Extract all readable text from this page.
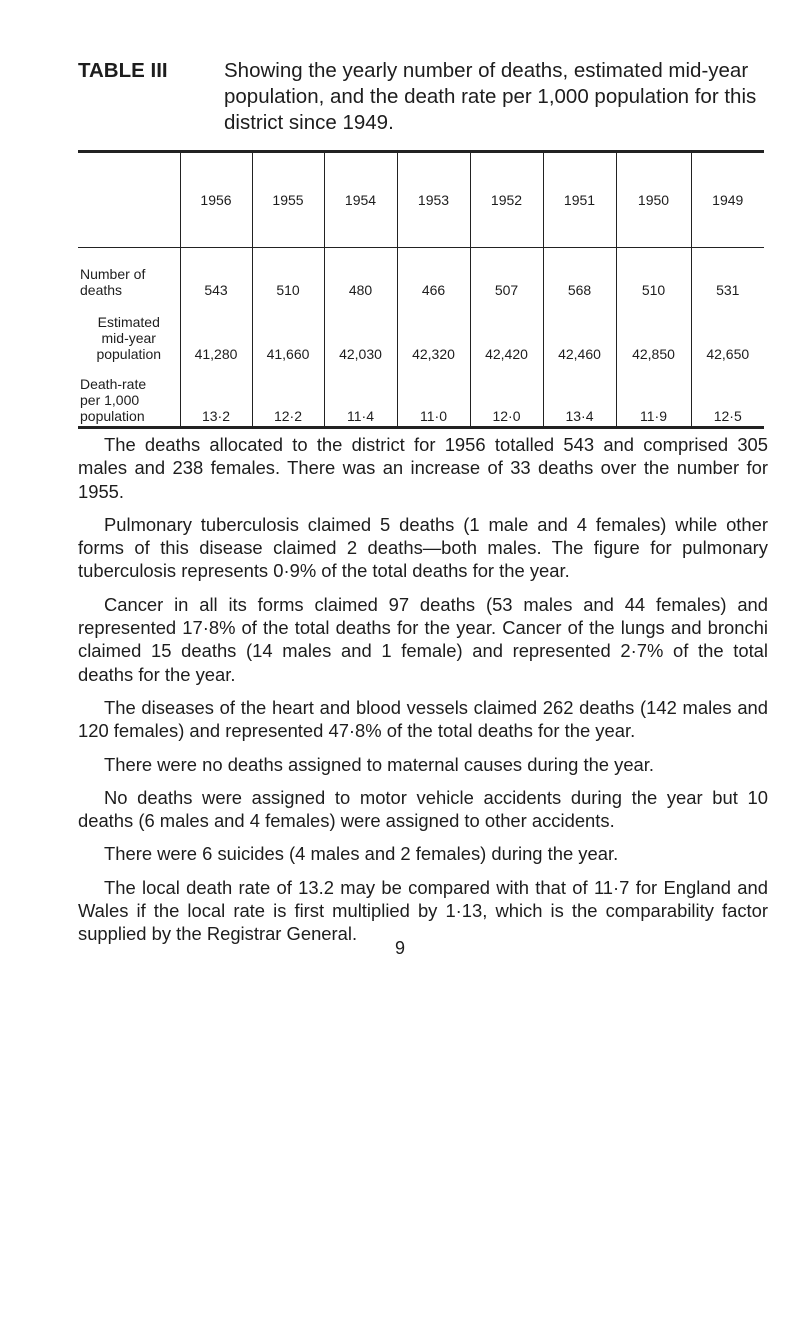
TABLE III	Showing the yearly number of deaths, estimated mid-year population, and the death rate per 1,000 population for this district since 1949.
	1956	1955	1954	1953	1952	1951	1950	1949
Number of
deaths	543	510	480	466	507	568	510	531
Estimated
mid-year
population	41,280	41,660	42,030	42,320	42,420	42,460	42,850	42,650
Death-rate
per 1,000
population	13·2	12·2	11·4	11·0	12·0	13·4	11·9	12·5

The deaths allocated to the district for 1956 totalled 543 and comprised 305 males and 238 females. There was an increase of 33 deaths over the number for 1955.

Pulmonary tuberculosis claimed 5 deaths (1 male and 4 females) while other forms of this disease claimed 2 deaths—both males. The figure for pulmonary tuberculosis represents 0·9% of the total deaths for the year.

Cancer in all its forms claimed 97 deaths (53 males and 44 females) and represented 17·8% of the total deaths for the year. Cancer of the lungs and bronchi claimed 15 deaths (14 males and 1 female) and represented 2·7% of the total deaths for the year.

The diseases of the heart and blood vessels claimed 262 deaths (142 males and 120 females) and represented 47·8% of the total deaths for the year.

There were no deaths assigned to maternal causes during the year.

No deaths were assigned to motor vehicle accidents during the year but 10 deaths (6 males and 4 females) were assigned to other accidents.

There were 6 suicides (4 males and 2 females) during the year.

The local death rate of 13.2 may be compared with that of 11·7 for England and Wales if the local rate is first multiplied by 1·13, which is the comparability factor supplied by the Registrar General.

9
